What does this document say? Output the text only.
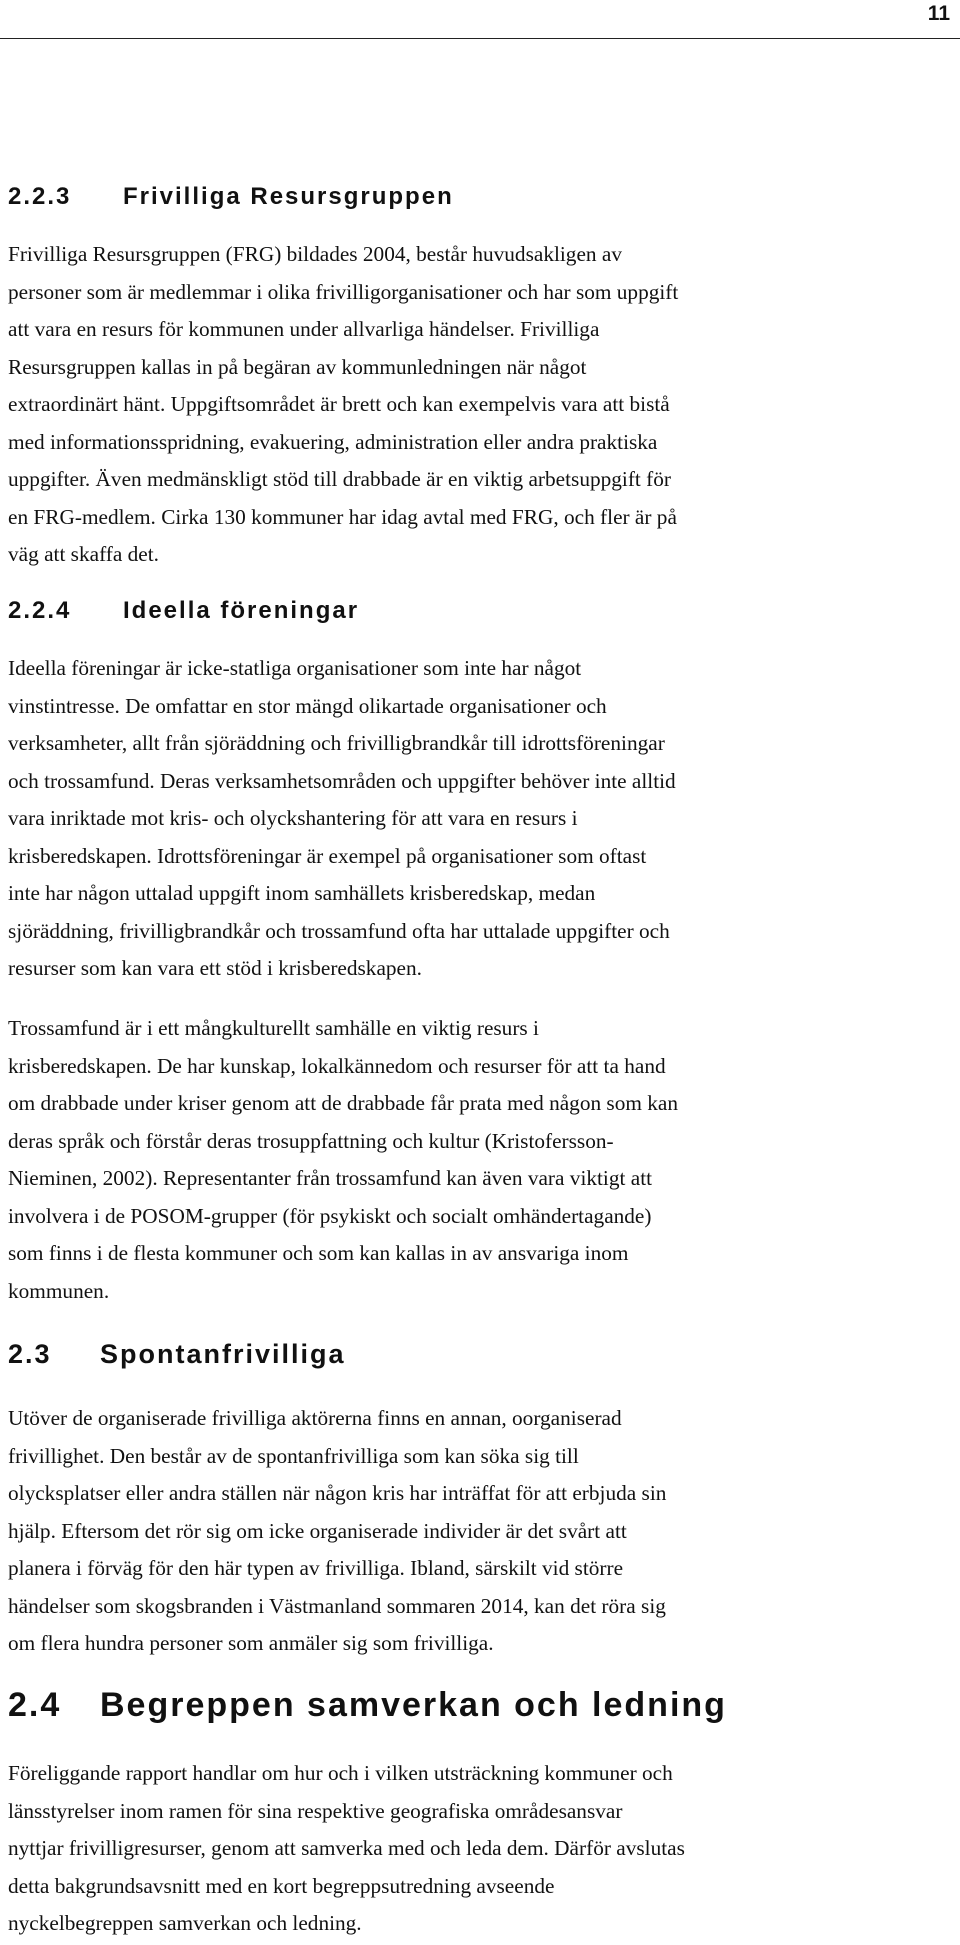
11

2.2.3 Frivilliga Resursgruppen

Frivilliga Resursgruppen (FRG) bildades 2004, består huvudsakligen av
personer som är medlemmar i olika frivilligorganisationer och har som uppgift
att vara en resurs för kommunen under allvarliga händelser. Frivilliga
Resursgruppen kallas in på begäran av kommunledningen när något
extraordinärt hänt. Uppgiftsområdet är brett och kan exempelvis vara att bistå
med informationsspridning, evakuering, administration eller andra praktiska
uppgifter. Även medmänskligt stöd till drabbade är en viktig arbetsuppgift för
en FRG-medlem. Cirka 130 kommuner har idag avtal med FRG, och fler är på
väg att skaffa det.

2.2.4 Ideella föreningar

Ideella föreningar är icke-statliga organisationer som inte har något
vinstintresse. De omfattar en stor mängd olikartade organisationer och
verksamheter, allt från sjöräddning och frivilligbrandkår till idrottsföreningar
och trossamfund. Deras verksamhetsområden och uppgifter behöver inte alltid
vara inriktade mot kris- och olyckshantering för att vara en resurs i
krisberedskapen. Idrottsföreningar är exempel på organisationer som oftast
inte har någon uttalad uppgift inom samhällets krisberedskap, medan
sjöräddning, frivilligbrandkår och trossamfund ofta har uttalade uppgifter och
resurser som kan vara ett stöd i krisberedskapen.

Trossamfund är i ett mångkulturellt samhälle en viktig resurs i
krisberedskapen. De har kunskap, lokalkännedom och resurser för att ta hand
om drabbade under kriser genom att de drabbade får prata med någon som kan
deras språk och förstår deras trosuppfattning och kultur (Kristofersson-
Nieminen, 2002). Representanter från trossamfund kan även vara viktigt att
involvera i de POSOM-grupper (för psykiskt och socialt omhändertagande)
som finns i de flesta kommuner och som kan kallas in av ansvariga inom
kommunen.

2.3 Spontanfrivilliga

Utöver de organiserade frivilliga aktörerna finns en annan, oorganiserad
frivillighet. Den består av de spontanfrivilliga som kan söka sig till
olycksplatser eller andra ställen när någon kris har inträffat för att erbjuda sin
hjälp. Eftersom det rör sig om icke organiserade individer är det svårt att
planera i förväg för den här typen av frivilliga. Ibland, särskilt vid större
händelser som skogsbranden i Västmanland sommaren 2014, kan det röra sig
om flera hundra personer som anmäler sig som frivilliga.

2.4 Begreppen samverkan och ledning

Föreliggande rapport handlar om hur och i vilken utsträckning kommuner och
länsstyrelser inom ramen för sina respektive geografiska områdesansvar
nyttjar frivilligresurser, genom att samverka med och leda dem. Därför avslutas
detta bakgrundsavsnitt med en kort begreppsutredning avseende
nyckelbegreppen samverkan och ledning.
